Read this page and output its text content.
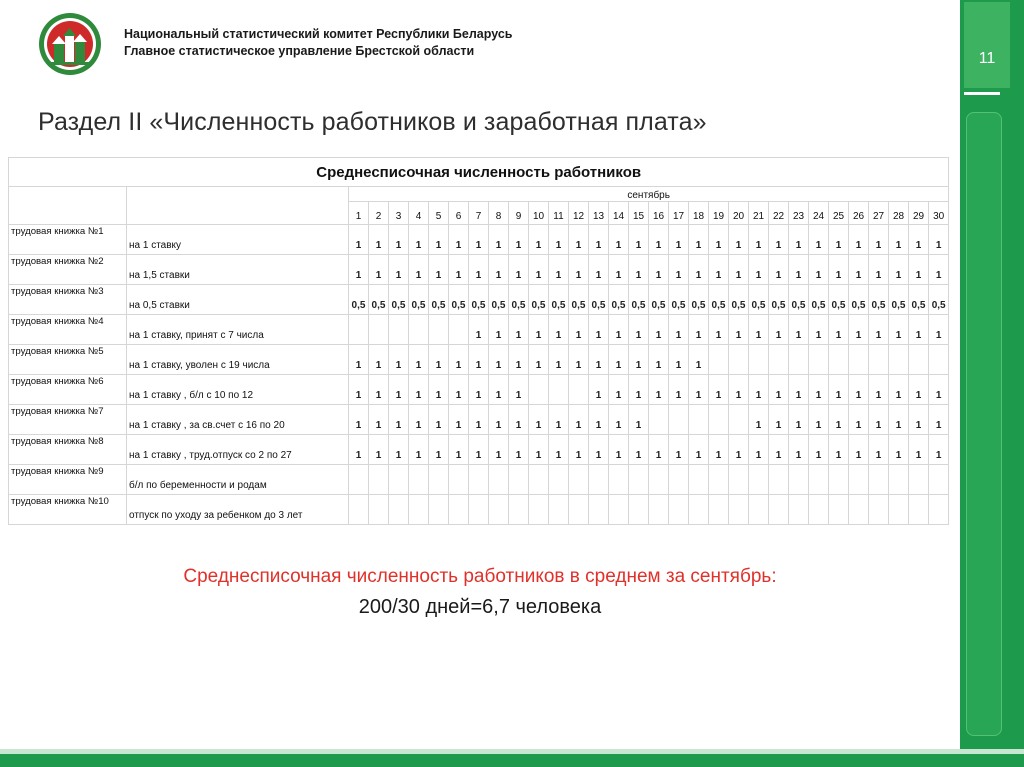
Национальный статистический комитет Республики Беларусь
Главное статистическое управление Брестской области
Раздел II «Численность работников и заработная плата»
11
Среднесписочная численность работников																															
		сентябрь																													
		1	2	3	4	5	6	7	8	9	10	11	12	13	14	15	16	17	18	19	20	21	22	23	24	25	26	27	28	29	30
трудовая книжка №1	на 1 ставку	1	1	1	1	1	1	1	1	1	1	1	1	1	1	1	1	1	1	1	1	1	1	1	1	1	1	1	1	1	1
трудовая книжка №2	на 1,5 ставки	1	1	1	1	1	1	1	1	1	1	1	1	1	1	1	1	1	1	1	1	1	1	1	1	1	1	1	1	1	1
трудовая книжка №3	на 0,5 ставки	0,5	0,5	0,5	0,5	0,5	0,5	0,5	0,5	0,5	0,5	0,5	0,5	0,5	0,5	0,5	0,5	0,5	0,5	0,5	0,5	0,5	0,5	0,5	0,5	0,5	0,5	0,5	0,5	0,5	0,5
трудовая книжка №4	на 1 ставку, принят с 7 числа							1	1	1	1	1	1	1	1	1	1	1	1	1	1	1	1	1	1	1	1	1	1	1	1
трудовая книжка №5	на 1 ставку, уволен с 19 числа	1	1	1	1	1	1	1	1	1	1	1	1	1	1	1	1	1	1												
трудовая книжка №6	на 1 ставку , б/л с 10 по 12	1	1	1	1	1	1	1	1	1				1	1	1	1	1	1	1	1	1	1	1	1	1	1	1	1	1	1
трудовая книжка №7	на 1 ставку , за св.счет с 16 по 20	1	1	1	1	1	1	1	1	1	1	1	1	1	1	1						1	1	1	1	1	1	1	1	1	1
трудовая книжка №8	на 1 ставку , труд.отпуск со 2 по 27	1	1	1	1	1	1	1	1	1	1	1	1	1	1	1	1	1	1	1	1	1	1	1	1	1	1	1	1	1	1
трудовая книжка №9	б/л по беременности и родам																														
трудовая книжка №10	отпуск по уходу за ребенком до 3 лет																														
Среднесписочная численность работников в среднем за сентябрь:
200/30 дней=6,7 человека
